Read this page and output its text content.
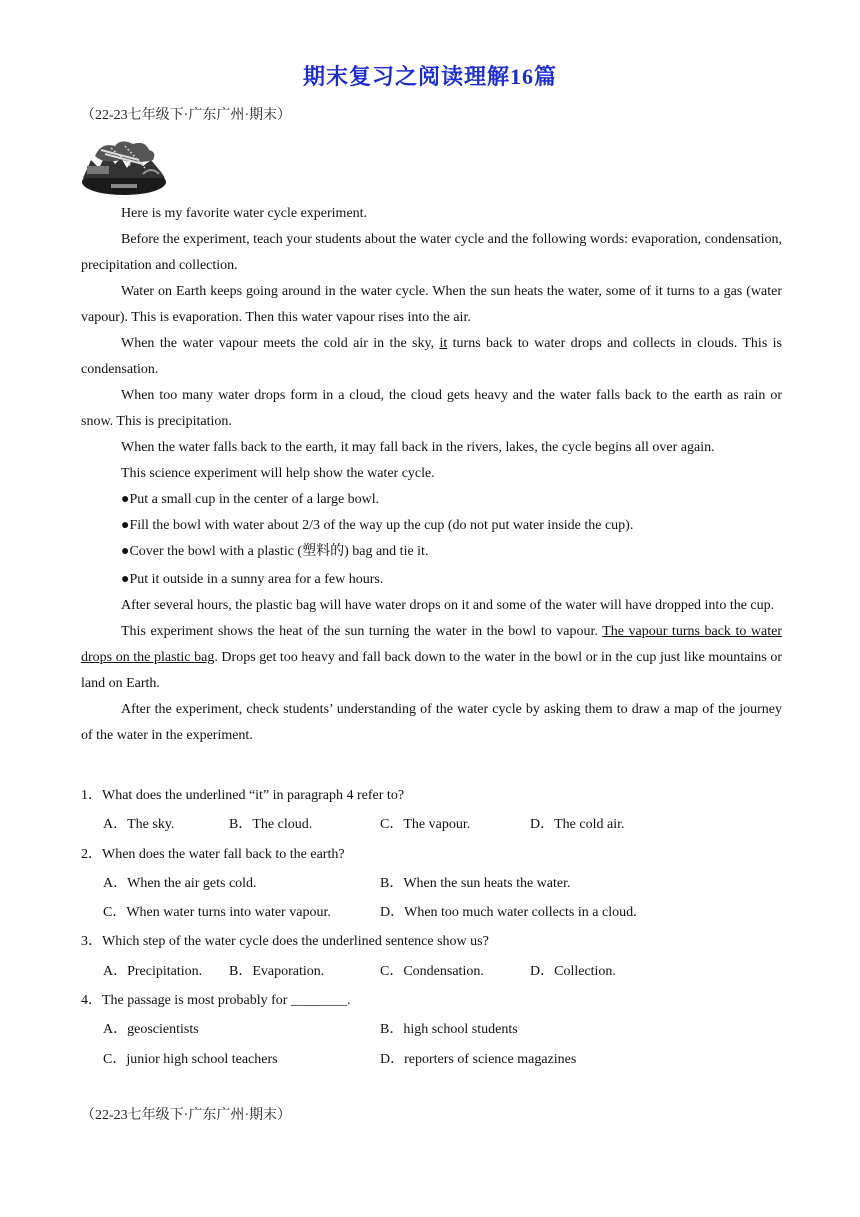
期末复习之阅读理解16篇
（22-23七年级下·广东广州·期末）

Here is my favorite water cycle experiment.

Before the experiment, teach your students about the water cycle and the following words: evaporation, condensation, precipitation and collection.

Water on Earth keeps going around in the water cycle. When the sun heats the water, some of it turns to a gas (water vapour). This is evaporation. Then this water vapour rises into the air.

When the water vapour meets the cold air in the sky, it turns back to water drops and collects in clouds. This is condensation.

When too many water drops form in a cloud, the cloud gets heavy and the water falls back to the earth as rain or snow. This is precipitation.

When the water falls back to the earth, it may fall back in the rivers, lakes, the cycle begins all over again.

This science experiment will help show the water cycle.

●Put a small cup in the center of a large bowl.

●Fill the bowl with water about 2/3 of the way up the cup (do not put water inside the cup).

●Cover the bowl with a plastic (塑料的) bag and tie it.

●Put it outside in a sunny area for a few hours.

After several hours, the plastic bag will have water drops on it and some of the water will have dropped into the cup.

This experiment shows the heat of the sun turning the water in the bowl to vapour. The vapour turns back to water drops on the plastic bag. Drops get too heavy and fall back down to the water in the bowl or in the cup just like mountains or land on Earth.

After the experiment, check students’ understanding of the water cycle by asking them to draw a map of the journey of the water in the experiment.

1．What does the underlined “it” in paragraph 4 refer to?
A．The sky.	B．The cloud.	C．The vapour.	D．The cold air.
2．When does the water fall back to the earth?
A．When the air gets cold.	B．When the sun heats the water.
C．When water turns into water vapour.	D．When too much water collects in a cloud.
3．Which step of the water cycle does the underlined sentence show us?
A．Precipitation. B．Evaporation.	C．Condensation.	D．Collection.
4．The passage is most probably for ________.
A．geoscientists	B．high school students
C．junior high school teachers	D．reporters of science magazines
（22-23七年级下·广东广州·期末）
